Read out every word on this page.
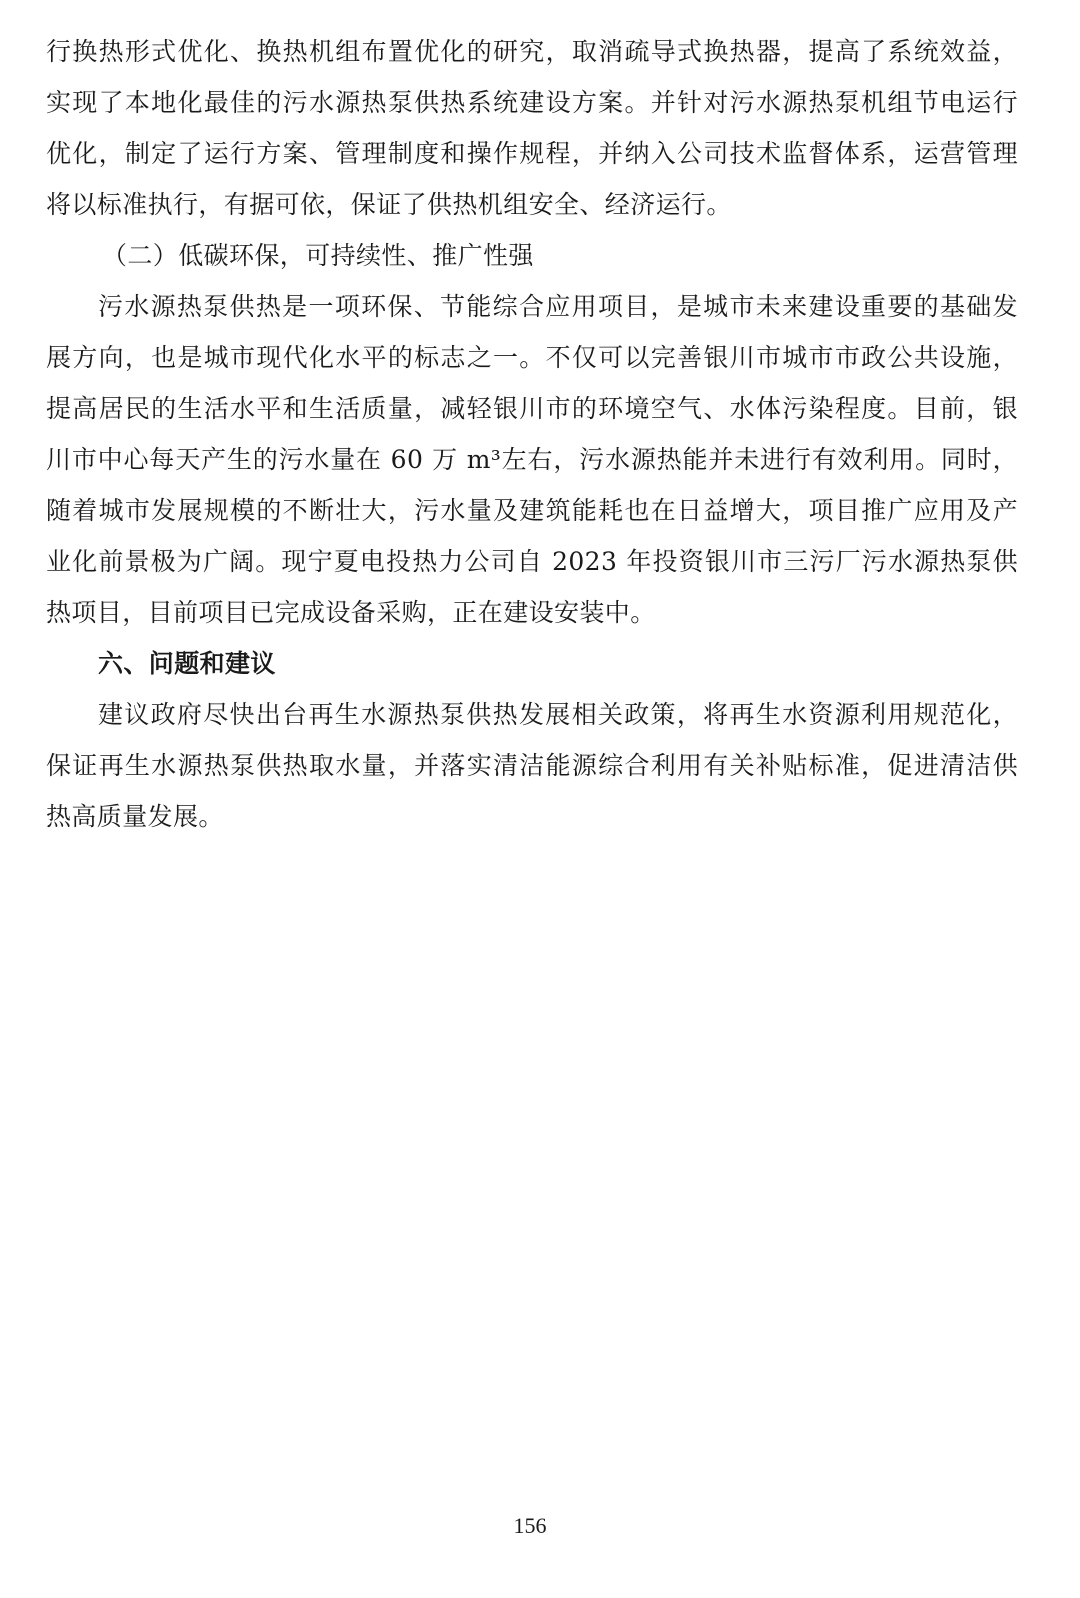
行换热形式优化、换热机组布置优化的研究，取消疏导式换热器，提高了系统效益，
实现了本地化最佳的污水源热泵供热系统建设方案。并针对污水源热泵机组节电运行
优化，制定了运行方案、管理制度和操作规程，并纳入公司技术监督体系，运营管理
将以标准执行，有据可依，保证了供热机组安全、经济运行。
（二）低碳环保，可持续性、推广性强
污水源热泵供热是一项环保、节能综合应用项目，是城市未来建设重要的基础发
展方向，也是城市现代化水平的标志之一。不仅可以完善银川市城市市政公共设施，
提高居民的生活水平和生活质量，减轻银川市的环境空气、水体污染程度。目前，银
川市中心每天产生的污水量在 60 万 m³左右，污水源热能并未进行有效利用。同时，
随着城市发展规模的不断壮大，污水量及建筑能耗也在日益增大，项目推广应用及产
业化前景极为广阔。现宁夏电投热力公司自 2023 年投资银川市三污厂污水源热泵供
热项目，目前项目已完成设备采购，正在建设安装中。
六、问题和建议
建议政府尽快出台再生水源热泵供热发展相关政策，将再生水资源利用规范化，
保证再生水源热泵供热取水量，并落实清洁能源综合利用有关补贴标准，促进清洁供
热高质量发展。
156
